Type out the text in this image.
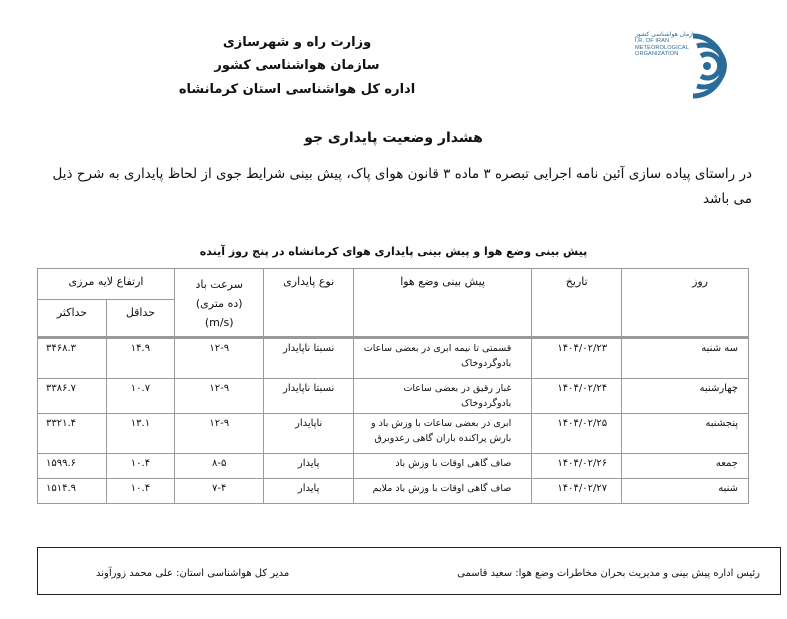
وزارت راه و شهرسازی
سازمان هواشناسی کشور
اداره کل هواشناسی استان کرمانشاه
سازمان هواشناسی کشور
I.R. OF IRAN
METEOROLOGICAL
ORGANIZATION
هشدار وضعیت پایداری جو
در راستای پیاده سازی آئین نامه اجرایی تبصره ۳ ماده ۳ قانون هوای پاک، پیش بینی شرایط جوی از لحاظ پایداری به شرح ذیل می باشد
پیش بینی وضع هوا و پیش بینی پایداری هوای کرمانشاه در پنج روز آینده
روز	تاریخ	پیش بینی وضع هوا	نوع پایداری	سرعت باد
(ده متری)
(m/s)	ارتفاع لایه مرزی	
					حداقل	حداکثر

سه شنبه	۱۴۰۴/۰۲/۲۳	قسمتی تا نیمه ابری در بعضی ساعات بادوگردوخاک	نسبتا ناپایدار	۱۲-۹	۱۴.۹	۳۴۶۸.۳
چهارشنبه	۱۴۰۴/۰۲/۲۴	غبار رقیق در بعضی ساعات بادوگردوخاک	نسبتا ناپایدار	۱۲-۹	۱۰.۷	۳۳۸۶.۷
پنجشنبه	۱۴۰۴/۰۲/۲۵	ابری در بعضی ساعات با وزش باد و بارش پراکنده باران گاهی رعدوبرق	ناپایدار	۱۲-۹	۱۳.۱	۳۳۲۱.۴
جمعه	۱۴۰۴/۰۲/۲۶	صاف گاهی اوقات با وزش باد	پایدار	۸-۵	۱۰.۴	۱۵۹۹.۶
شنبه	۱۴۰۴/۰۲/۲۷	صاف گاهی اوقات با وزش باد ملایم	پایدار	۷-۴	۱۰.۴	۱۵۱۴.۹
رئیس اداره پیش بینی و مدیریت بحران مخاطرات وضع هوا: سعید قاسمی
مدیر کل هواشناسی استان: علی محمد زورآوند
